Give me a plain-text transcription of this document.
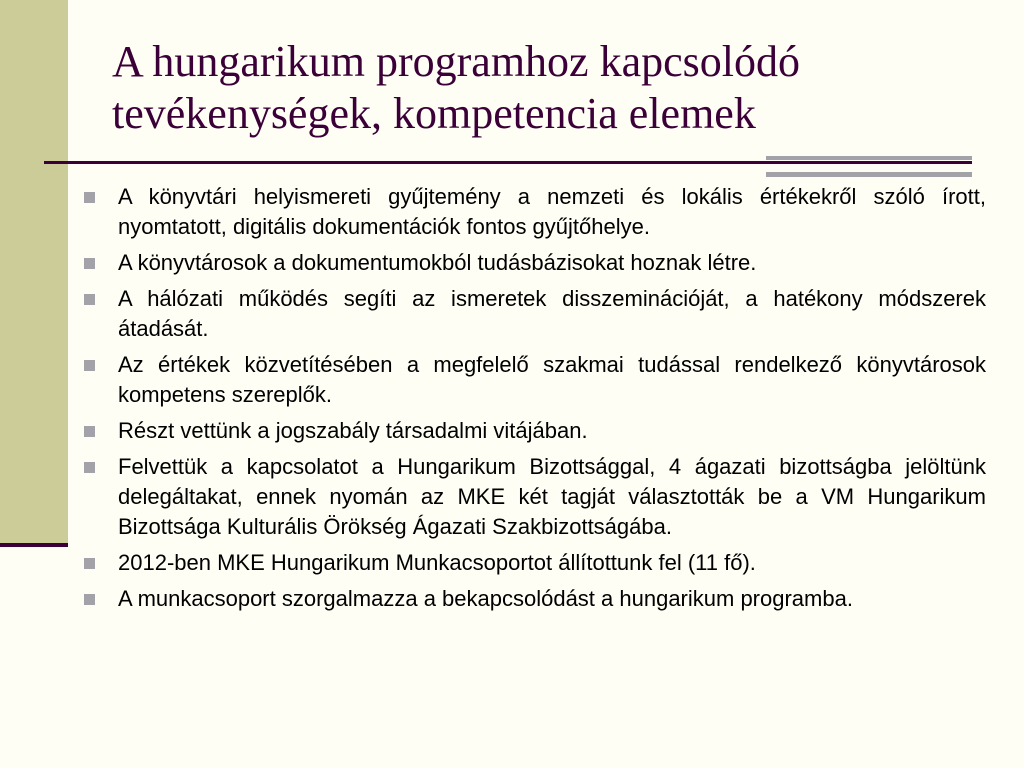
A hungarikum programhoz kapcsolódó
tevékenységek, kompetencia elemek
A könyvtári helyismereti gyűjtemény a nemzeti és lokális értékekről szóló írott, nyomtatott, digitális dokumentációk fontos gyűjtőhelye.
A könyvtárosok a dokumentumokból tudásbázisokat hoznak létre.
A hálózati működés segíti az ismeretek disszeminációját, a hatékony módszerek átadását.
Az értékek közvetítésében a megfelelő szakmai tudással rendelkező könyvtárosok kompetens szereplők.
Részt vettünk a jogszabály társadalmi vitájában.
Felvettük a kapcsolatot a Hungarikum Bizottsággal, 4 ágazati bizottságba jelöltünk delegáltakat, ennek nyomán az MKE két tagját választották be a VM Hungarikum Bizottsága Kulturális Örökség Ágazati Szakbizottságába.
2012-ben MKE Hungarikum Munkacsoportot állítottunk fel (11 fő).
A munkacsoport szorgalmazza a bekapcsolódást a hungarikum programba.
